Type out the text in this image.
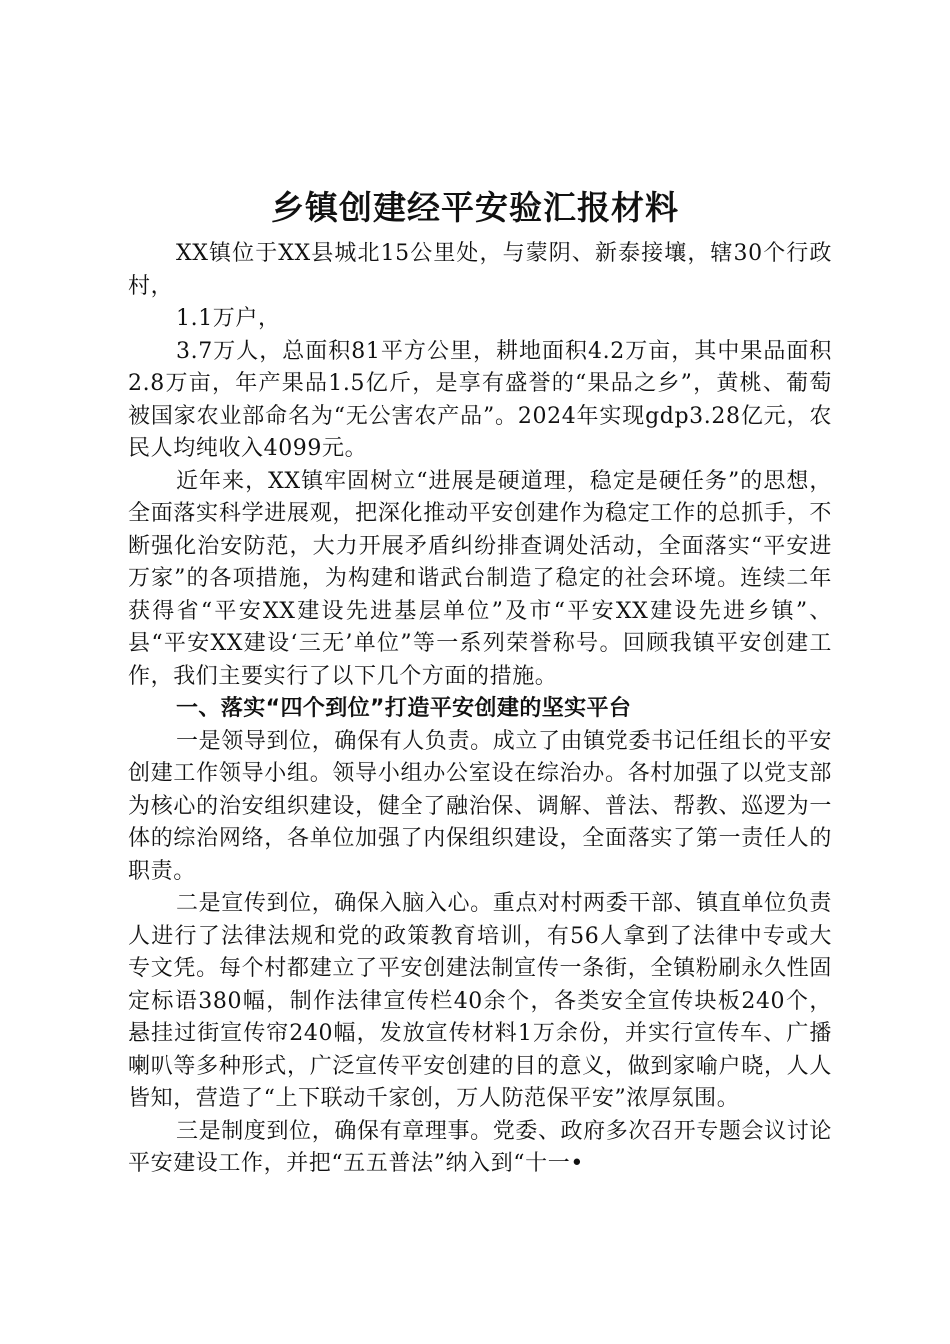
乡镇创建经平安验汇报材料

XX镇位于XX县城北15公里处，与蒙阴、新泰接壤，辖30个行政村，

1.1万户，

3.7万人，总面积81平方公里，耕地面积4.2万亩，其中果品面积2.8万亩，年产果品1.5亿斤，是享有盛誉的“果品之乡”，黄桃、葡萄被国家农业部命名为“无公害农产品”。2024年实现gdp3.28亿元，农民人均纯收入4099元。

近年来，XX镇牢固树立“进展是硬道理，稳定是硬任务”的思想，全面落实科学进展观，把深化推动平安创建作为稳定工作的总抓手，不断强化治安防范，大力开展矛盾纠纷排查调处活动，全面落实“平安进万家”的各项措施，为构建和谐武台制造了稳定的社会环境。连续二年获得省“平安XX建设先进基层单位”及市“平安XX建设先进乡镇”、县“平安XX建设‘三无’单位”等一系列荣誉称号。回顾我镇平安创建工作，我们主要实行了以下几个方面的措施。

一、落实“四个到位”打造平安创建的坚实平台

一是领导到位，确保有人负责。成立了由镇党委书记任组长的平安创建工作领导小组。领导小组办公室设在综治办。各村加强了以党支部为核心的治安组织建设，健全了融治保、调解、普法、帮教、巡逻为一体的综治网络，各单位加强了内保组织建设，全面落实了第一责任人的职责。

二是宣传到位，确保入脑入心。重点对村两委干部、镇直单位负责人进行了法律法规和党的政策教育培训，有56人拿到了法律中专或大专文凭。每个村都建立了平安创建法制宣传一条街，全镇粉刷永久性固定标语380幅，制作法律宣传栏40余个，各类安全宣传块板240个，悬挂过街宣传帘240幅，发放宣传材料1万余份，并实行宣传车、广播喇叭等多种形式，广泛宣传平安创建的目的意义，做到家喻户晓，人人皆知，营造了“上下联动千家创，万人防范保平安”浓厚氛围。

三是制度到位，确保有章理事。党委、政府多次召开专题会议讨论平安建设工作，并把“五五普法”纳入到“十一•
